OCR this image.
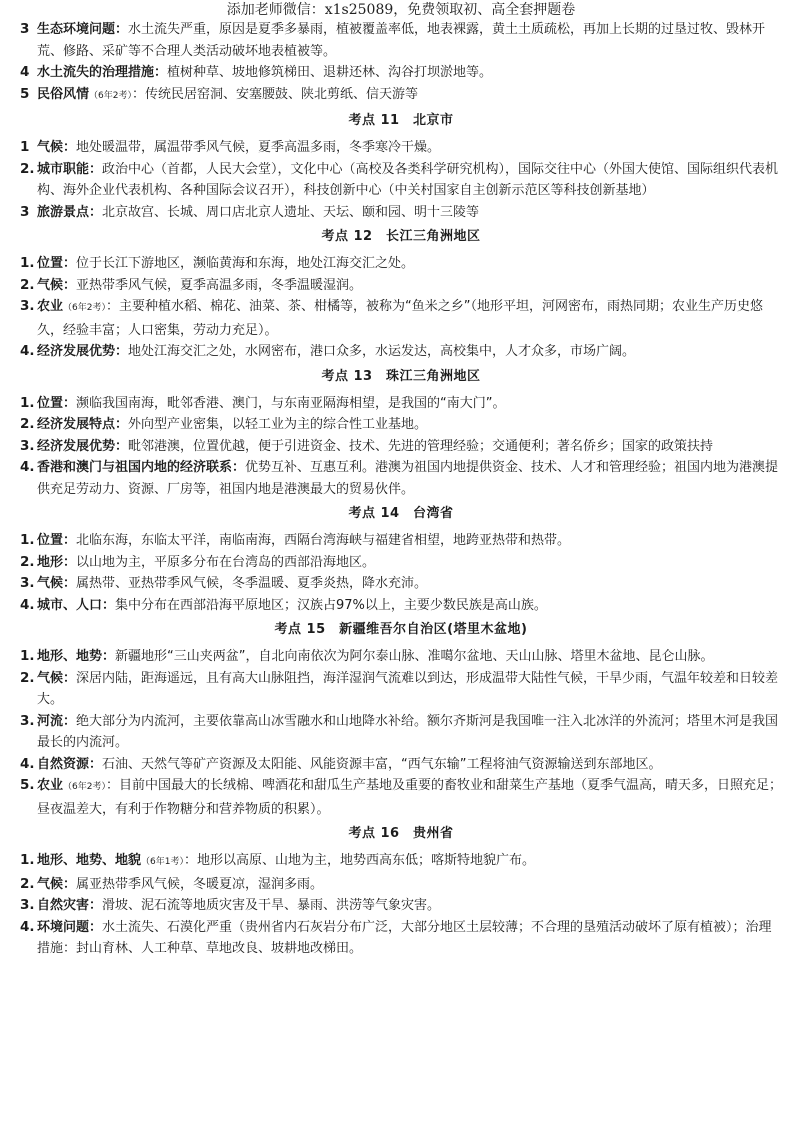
添加老师微信：x1s25089，免费领取初、高全套押题卷
3 生态环境问题：水土流失严重，原因是夏季多暴雨，植被覆盖率低，地表裸露，黄土土质疏松，再加上长期的过垦过牧、毁林开荒、修路、采矿等不合理人类活动破坏地表植被等。
4 水土流失的治理措施：植树种草、坡地修筑梯田、退耕还林、沟谷打坝淤地等。
5 民俗风情（6年2考）：传统民居窑洞、安塞腰鼓、陕北剪纸、信天游等
考点 11　北京市
1 气候：地处暖温带，属温带季风气候，夏季高温多雨，冬季寒冷干燥。
2. 城市职能：政治中心（首都，人民大会堂），文化中心（高校及各类科学研究机构），国际交往中心（外国大使馆、国际组织代表机构、海外企业代表机构、各种国际会议召开），科技创新中心（中关村国家自主创新示范区等科技创新基地）
3 旅游景点：北京故宫、长城、周口店北京人遗址、天坛、颐和园、明十三陵等
考点 12　长江三角洲地区
1. 位置：位于长江下游地区，濒临黄海和东海，地处江海交汇之处。
2. 气候：亚热带季风气候，夏季高温多雨，冬季温暖湿润。
3. 农业（6年2考）：主要种植水稻、棉花、油菜、茶、柑橘等，被称为“鱼米之乡”（地形平坦，河网密布，雨热同期；农业生产历史悠久，经验丰富；人口密集，劳动力充足）。
4. 经济发展优势：地处江海交汇之处，水网密布，港口众多，水运发达，高校集中，人才众多，市场广阔。
考点 13　珠江三角洲地区
1. 位置：濒临我国南海，毗邻香港、澳门，与东南亚隔海相望，是我国的“南大门”。
2. 经济发展特点：外向型产业密集，以轻工业为主的综合性工业基地。
3. 经济发展优势：毗邻港澳，位置优越，便于引进资金、技术、先进的管理经验；交通便利；著名侨乡；国家的政策扶持
4. 香港和澳门与祖国内地的经济联系：优势互补、互惠互利。港澳为祖国内地提供资金、技术、人才和管理经验；祖国内地为港澳提供充足劳动力、资源、厂房等，祖国内地是港澳最大的贸易伙伴。
考点 14　台湾省
1. 位置：北临东海，东临太平洋，南临南海，西隔台湾海峡与福建省相望，地跨亚热带和热带。
2. 地形：以山地为主，平原多分布在台湾岛的西部沿海地区。
3. 气候：属热带、亚热带季风气候，冬季温暖、夏季炎热，降水充沛。
4. 城市、人口：集中分布在西部沿海平原地区；汉族占97%以上，主要少数民族是高山族。
考点 15　新疆维吾尔自治区(塔里木盆地)
1. 地形、地势：新疆地形“三山夹两盆”，自北向南依次为阿尔泰山脉、准噶尔盆地、天山山脉、塔里木盆地、昆仑山脉。
2. 气候：深居内陆，距海遥远，且有高大山脉阻挡，海洋湿润气流难以到达，形成温带大陆性气候，干旱少雨，气温年较差和日较差大。
3. 河流：绝大部分为内流河，主要依靠高山冰雪融水和山地降水补给。额尔齐斯河是我国唯一注入北冰洋的外流河；塔里木河是我国最长的内流河。
4. 自然资源：石油、天然气等矿产资源及太阳能、风能资源丰富，“西气东输”工程将油气资源输送到东部地区。
5. 农业（6年2考）：目前中国最大的长绒棉、啤酒花和甜瓜生产基地及重要的畜牧业和甜菜生产基地（夏季气温高，晴天多，日照充足；昼夜温差大，有利于作物糖分和营养物质的积累）。
考点 16　贵州省
1. 地形、地势、地貌（6年1考）：地形以高原、山地为主，地势西高东低；喀斯特地貌广布。
2. 气候：属亚热带季风气候，冬暖夏凉，湿润多雨。
3. 自然灾害：滑坡、泥石流等地质灾害及干旱、暴雨、洪涝等气象灾害。
4. 环境问题：水土流失、石漠化严重（贵州省内石灰岩分布广泛，大部分地区土层较薄；不合理的垦殖活动破坏了原有植被）；治理措施：封山育林、人工种草、草地改良、坡耕地改梯田。
